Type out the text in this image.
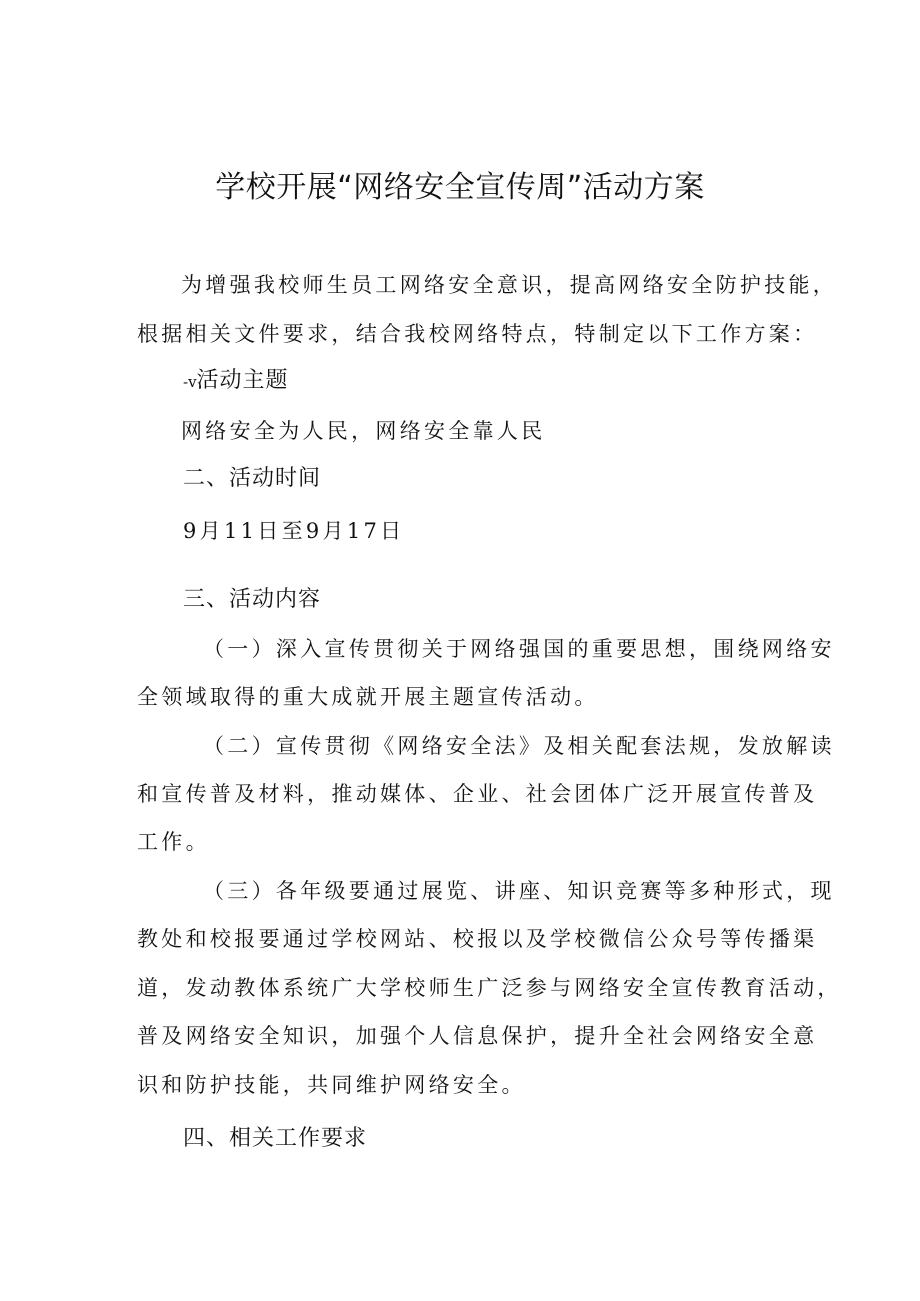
学校开展“网络安全宣传周”活动方案
为增强我校师生员工网络安全意识，提高网络安全防护技能，
根据相关文件要求，结合我校网络特点，特制定以下工作方案：
-v活动主题
网络安全为人民，网络安全靠人民
二、活动时间
9月11日至9月17日
三、活动内容
（一）深入宣传贯彻关于网络强国的重要思想，围绕网络安
全领域取得的重大成就开展主题宣传活动。
（二）宣传贯彻《网络安全法》及相关配套法规，发放解读
和宣传普及材料，推动媒体、企业、社会团体广泛开展宣传普及
工作。
（三）各年级要通过展览、讲座、知识竞赛等多种形式，现
教处和校报要通过学校网站、校报以及学校微信公众号等传播渠
道，发动教体系统广大学校师生广泛参与网络安全宣传教育活动，
普及网络安全知识，加强个人信息保护，提升全社会网络安全意
识和防护技能，共同维护网络安全。
四、相关工作要求
